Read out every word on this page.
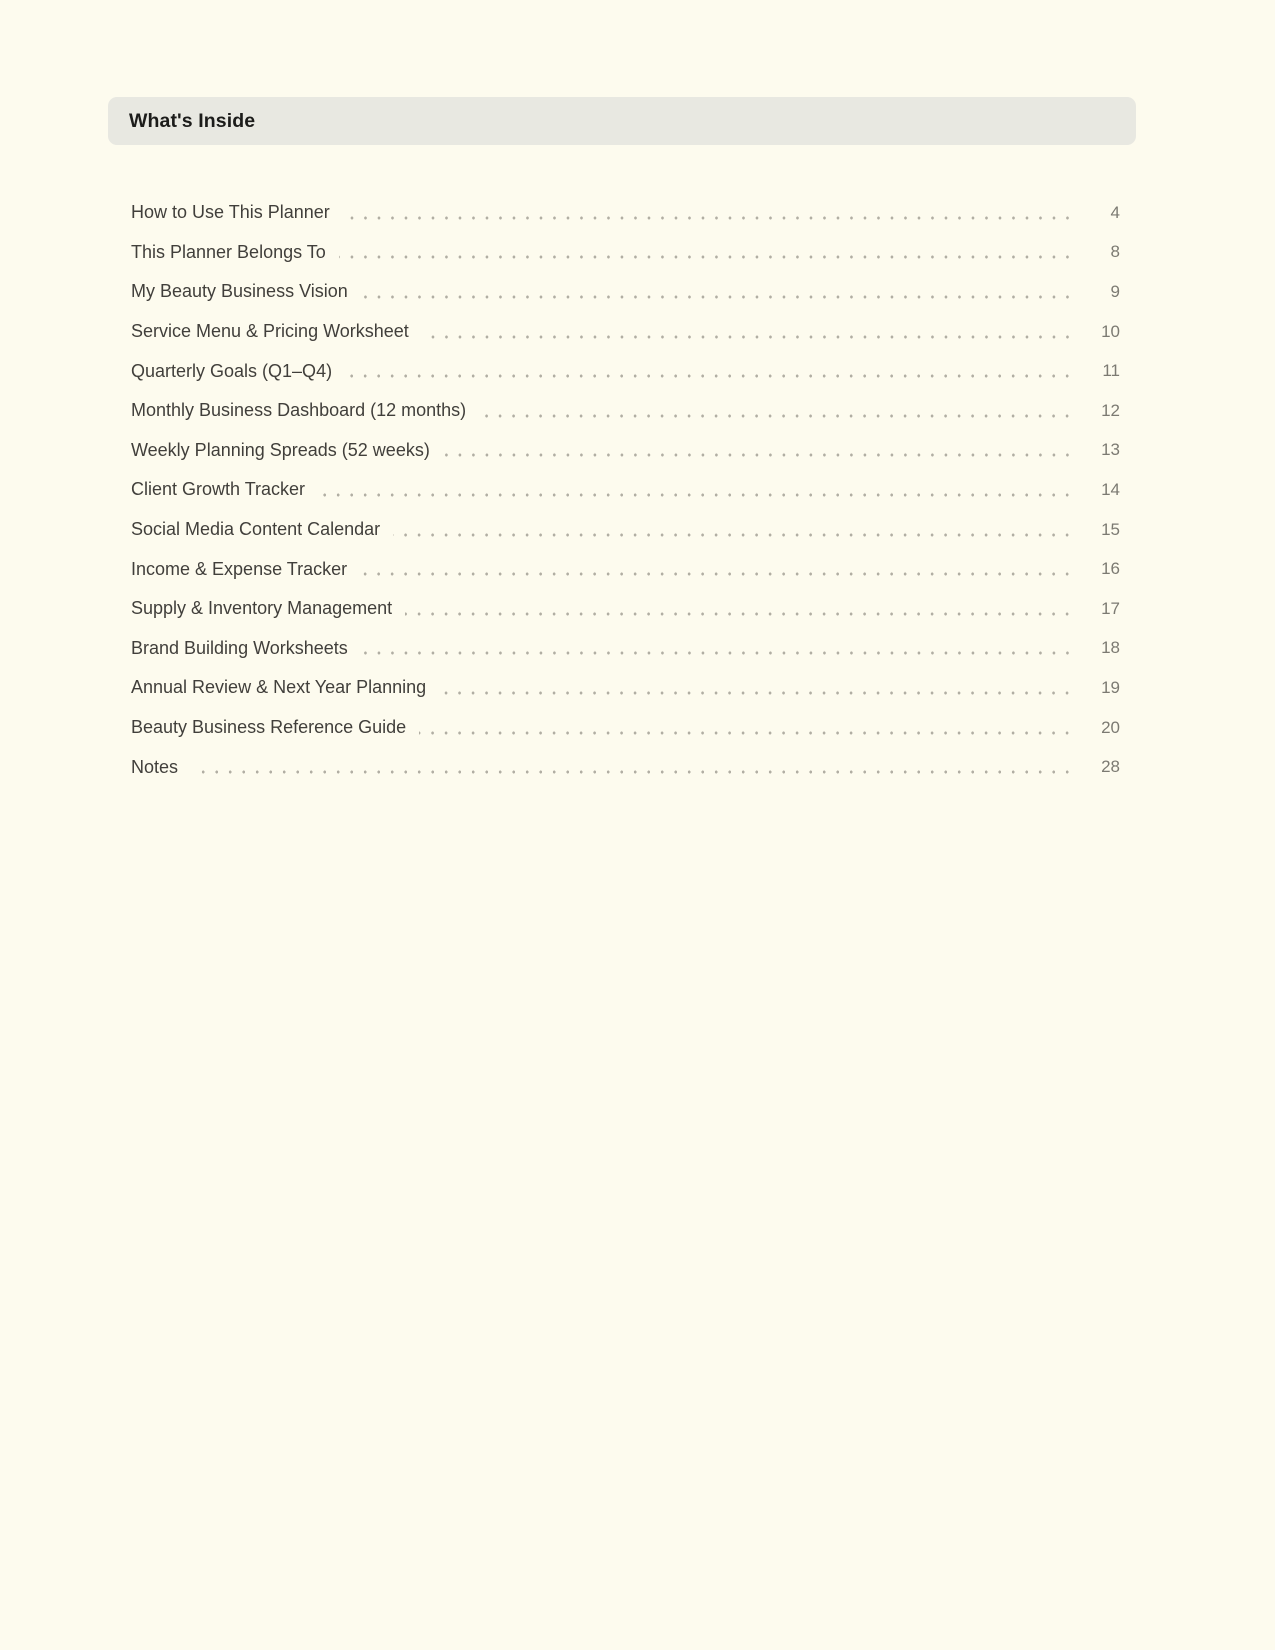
What's Inside
How to Use This Planner	4
This Planner Belongs To	8
My Beauty Business Vision	9
Service Menu & Pricing Worksheet	10
Quarterly Goals (Q1–Q4)	11
Monthly Business Dashboard (12 months)	12
Weekly Planning Spreads (52 weeks)	13
Client Growth Tracker	14
Social Media Content Calendar	15
Income & Expense Tracker	16
Supply & Inventory Management	17
Brand Building Worksheets	18
Annual Review & Next Year Planning	19
Beauty Business Reference Guide	20
Notes	28
